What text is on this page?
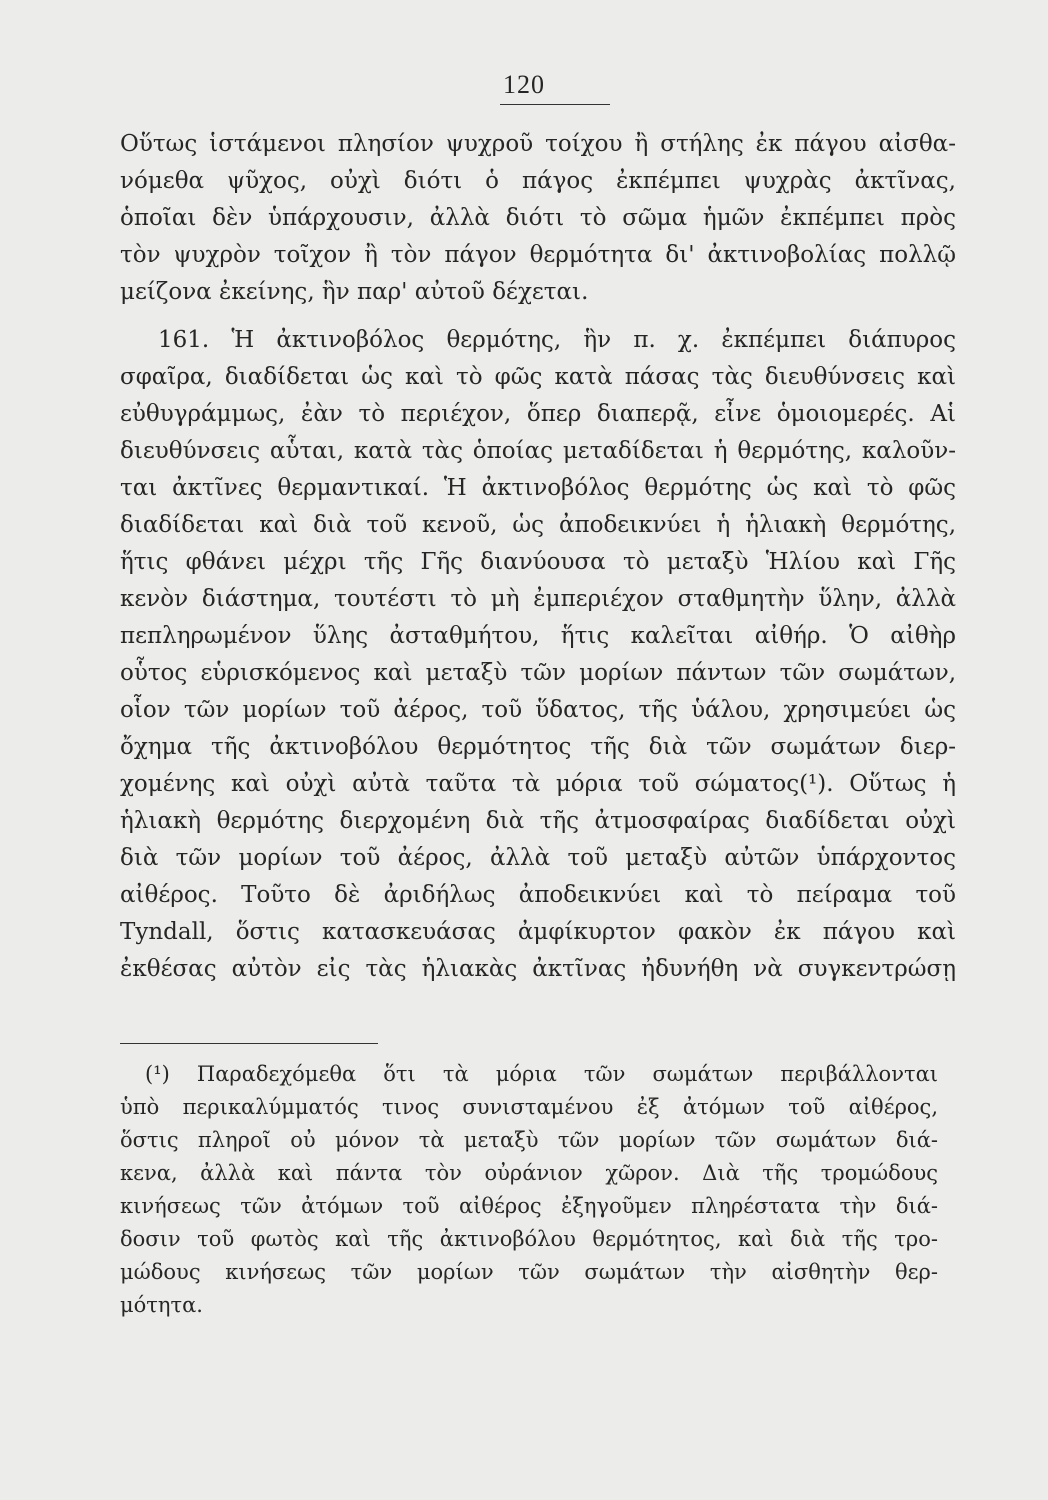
120
Οὕτως ἱστάμενοι πλησίον ψυχροῦ τοίχου ἢ στήλης ἐκ πάγου αἰσθα-
νόμεθα ψῦχος, οὐχὶ διότι ὁ πάγος ἐκπέμπει ψυχρὰς ἀκτῖνας,
ὁποῖαι δὲν ὑπάρχουσιν, ἀλλὰ διότι τὸ σῶμα ἡμῶν ἐκπέμπει πρὸς
τὸν ψυχρὸν τοῖχον ἢ τὸν πάγον θερμότητα δι' ἀκτινοβολίας πολλῷ
μείζονα ἐκείνης, ἣν παρ' αὐτοῦ δέχεται.
161. Ἡ ἀκτινοβόλος θερμότης, ἣν π. χ. ἐκπέμπει διάπυρος
σφαῖρα, διαδίδεται ὡς καὶ τὸ φῶς κατὰ πάσας τὰς διευθύνσεις καὶ
εὐθυγράμμως, ἐὰν τὸ περιέχον, ὅπερ διαπερᾷ, εἶνε ὁμοιομερές. Αἱ
διευθύνσεις αὗται, κατὰ τὰς ὁποίας μεταδίδεται ἡ θερμότης, καλοῦν-
ται ἀκτῖνες θερμαντικαί. Ἡ ἀκτινοβόλος θερμότης ὡς καὶ τὸ φῶς
διαδίδεται καὶ διὰ τοῦ κενοῦ, ὡς ἀποδεικνύει ἡ ἡλιακὴ θερμότης,
ἥτις φθάνει μέχρι τῆς Γῆς διανύουσα τὸ μεταξὺ Ἡλίου καὶ Γῆς
κενὸν διάστημα, τουτέστι τὸ μὴ ἐμπεριέχον σταθμητὴν ὕλην, ἀλλὰ
πεπληρωμένον ὕλης ἀσταθμήτου, ἥτις καλεῖται αἰθήρ. Ὁ αἰθὴρ
οὗτος εὑρισκόμενος καὶ μεταξὺ τῶν μορίων πάντων τῶν σωμάτων,
οἷον τῶν μορίων τοῦ ἀέρος, τοῦ ὕδατος, τῆς ὑάλου, χρησιμεύει ὡς
ὄχημα τῆς ἀκτινοβόλου θερμότητος τῆς διὰ τῶν σωμάτων διερ-
χομένης καὶ οὐχὶ αὐτὰ ταῦτα τὰ μόρια τοῦ σώματος(¹). Οὕτως ἡ
ἡλιακὴ θερμότης διερχομένη διὰ τῆς ἀτμοσφαίρας διαδίδεται οὐχὶ
διὰ τῶν μορίων τοῦ ἀέρος, ἀλλὰ τοῦ μεταξὺ αὐτῶν ὑπάρχοντος
αἰθέρος. Τοῦτο δὲ ἀριδήλως ἀποδεικνύει καὶ τὸ πείραμα τοῦ
Tyndall, ὅστις κατασκευάσας ἀμφίκυρτον φακὸν ἐκ πάγου καὶ
ἐκθέσας αὐτὸν εἰς τὰς ἡλιακὰς ἀκτῖνας ἠδυνήθη νὰ συγκεντρώσῃ
(¹) Παραδεχόμεθα ὅτι τὰ μόρια τῶν σωμάτων περιβάλλονται
ὑπὸ περικαλύμματός τινος συνισταμένου ἐξ ἀτόμων τοῦ αἰθέρος,
ὅστις πληροῖ οὐ μόνον τὰ μεταξὺ τῶν μορίων τῶν σωμάτων διά-
κενα, ἀλλὰ καὶ πάντα τὸν οὐράνιον χῶρον. Διὰ τῆς τρομώδους
κινήσεως τῶν ἀτόμων τοῦ αἰθέρος ἐξηγοῦμεν πληρέστατα τὴν διά-
δοσιν τοῦ φωτὸς καὶ τῆς ἀκτινοβόλου θερμότητος, καὶ διὰ τῆς τρο-
μώδους κινήσεως τῶν μορίων τῶν σωμάτων τὴν αἰσθητὴν θερ-
μότητα.
